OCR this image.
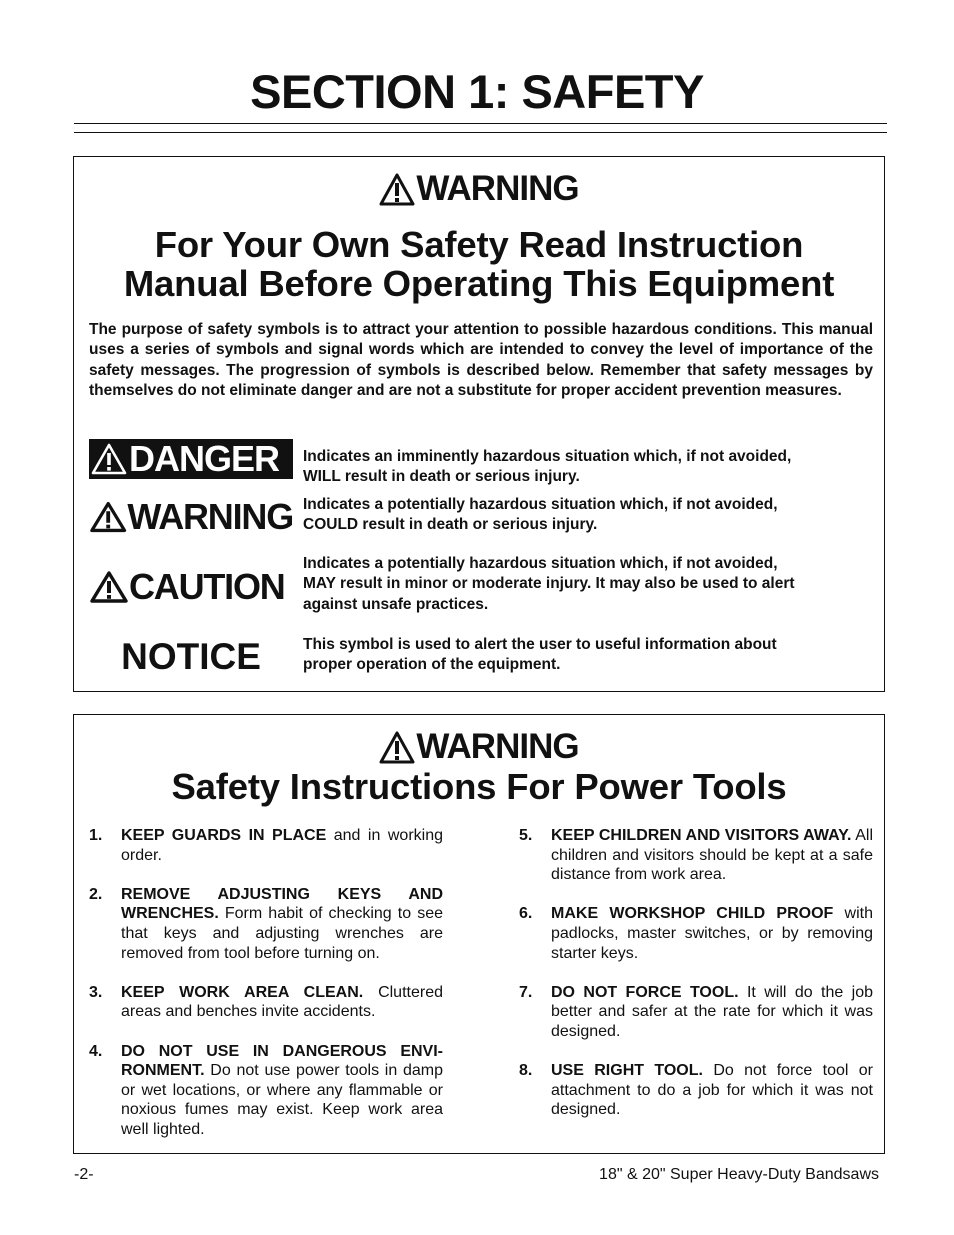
SECTION 1: SAFETY
WARNING
For Your Own Safety Read Instruction
Manual Before Operating This Equipment

The purpose of safety symbols is to attract your attention to possible hazardous conditions. This manual uses a series of symbols and signal words which are intended to convey the level of importance of the safety messages. The progression of symbols is described below. Remember that safety messages by themselves do not eliminate danger and are not a substitute for proper accident prevention measures.

DANGER Indicates an imminently hazardous situation which, if not avoided,
WILL result in death or serious injury.
WARNING Indicates a potentially hazardous situation which, if not avoided,
COULD result in death or serious injury.
CAUTION
Indicates a potentially hazardous situation which, if not avoided,
MAY result in minor or moderate injury. It may also be used to alert
against unsafe practices.
NOTICE	This symbol is used to alert the user to useful information about
proper operation of the equipment.
WARNING
Safety Instructions For Power Tools
1. KEEP GUARDS IN PLACE and in working order.
2. REMOVE ADJUSTING KEYS AND WRENCHES. Form habit of checking to see that keys and adjusting wrenches are removed from tool before turning on.
3. KEEP WORK AREA CLEAN. Cluttered areas and benches invite accidents.
4. DO NOT USE IN DANGEROUS ENVIRONMENT. Do not use power tools in damp or wet locations, or where any flammable or noxious fumes may exist. Keep work area well lighted.
5. KEEP CHILDREN AND VISITORS AWAY. All children and visitors should be kept at a safe distance from work area.
6. MAKE WORKSHOP CHILD PROOF with padlocks, master switches, or by removing starter keys.
7. DO NOT FORCE TOOL. It will do the job better and safer at the rate for which it was designed.
8. USE RIGHT TOOL. Do not force tool or attachment to do a job for which it was not designed.
-2-	18" & 20" Super Heavy-Duty Bandsaws
